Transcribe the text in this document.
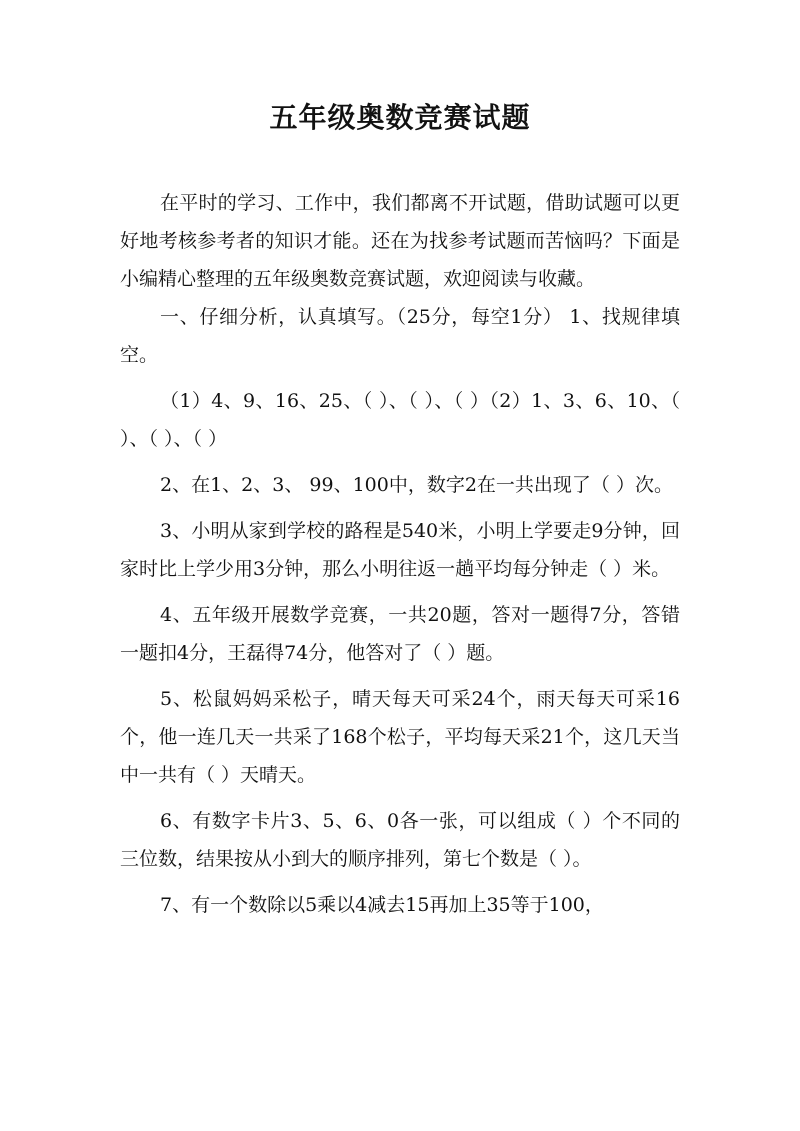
五年级奥数竞赛试题

在平时的学习、工作中，我们都离不开试题，借助试题可以更好地考核参考者的知识才能。还在为找参考试题而苦恼吗？下面是小编精心整理的五年级奥数竞赛试题，欢迎阅读与收藏。

一、仔细分析，认真填写。（25分，每空1分） 1、找规律填空。

（1）4、9、16、25、（ ）、（ ）、（ ）（2）1、3、6、10、（ ）、（ ）、（ ）

2、在1、2、3、 99、100中，数字2在一共出现了（ ）次。

3、小明从家到学校的路程是540米，小明上学要走9分钟，回家时比上学少用3分钟，那么小明往返一趟平均每分钟走（ ）米。

4、五年级开展数学竞赛，一共20题，答对一题得7分，答错一题扣4分，王磊得74分，他答对了（ ）题。

5、松鼠妈妈采松子，晴天每天可采24个，雨天每天可采16个，他一连几天一共采了168个松子，平均每天采21个，这几天当中一共有（ ）天晴天。

6、有数字卡片3、5、6、0各一张，可以组成（ ）个不同的三位数，结果按从小到大的顺序排列，第七个数是（ ）。

7、有一个数除以5乘以4减去15再加上35等于100，
